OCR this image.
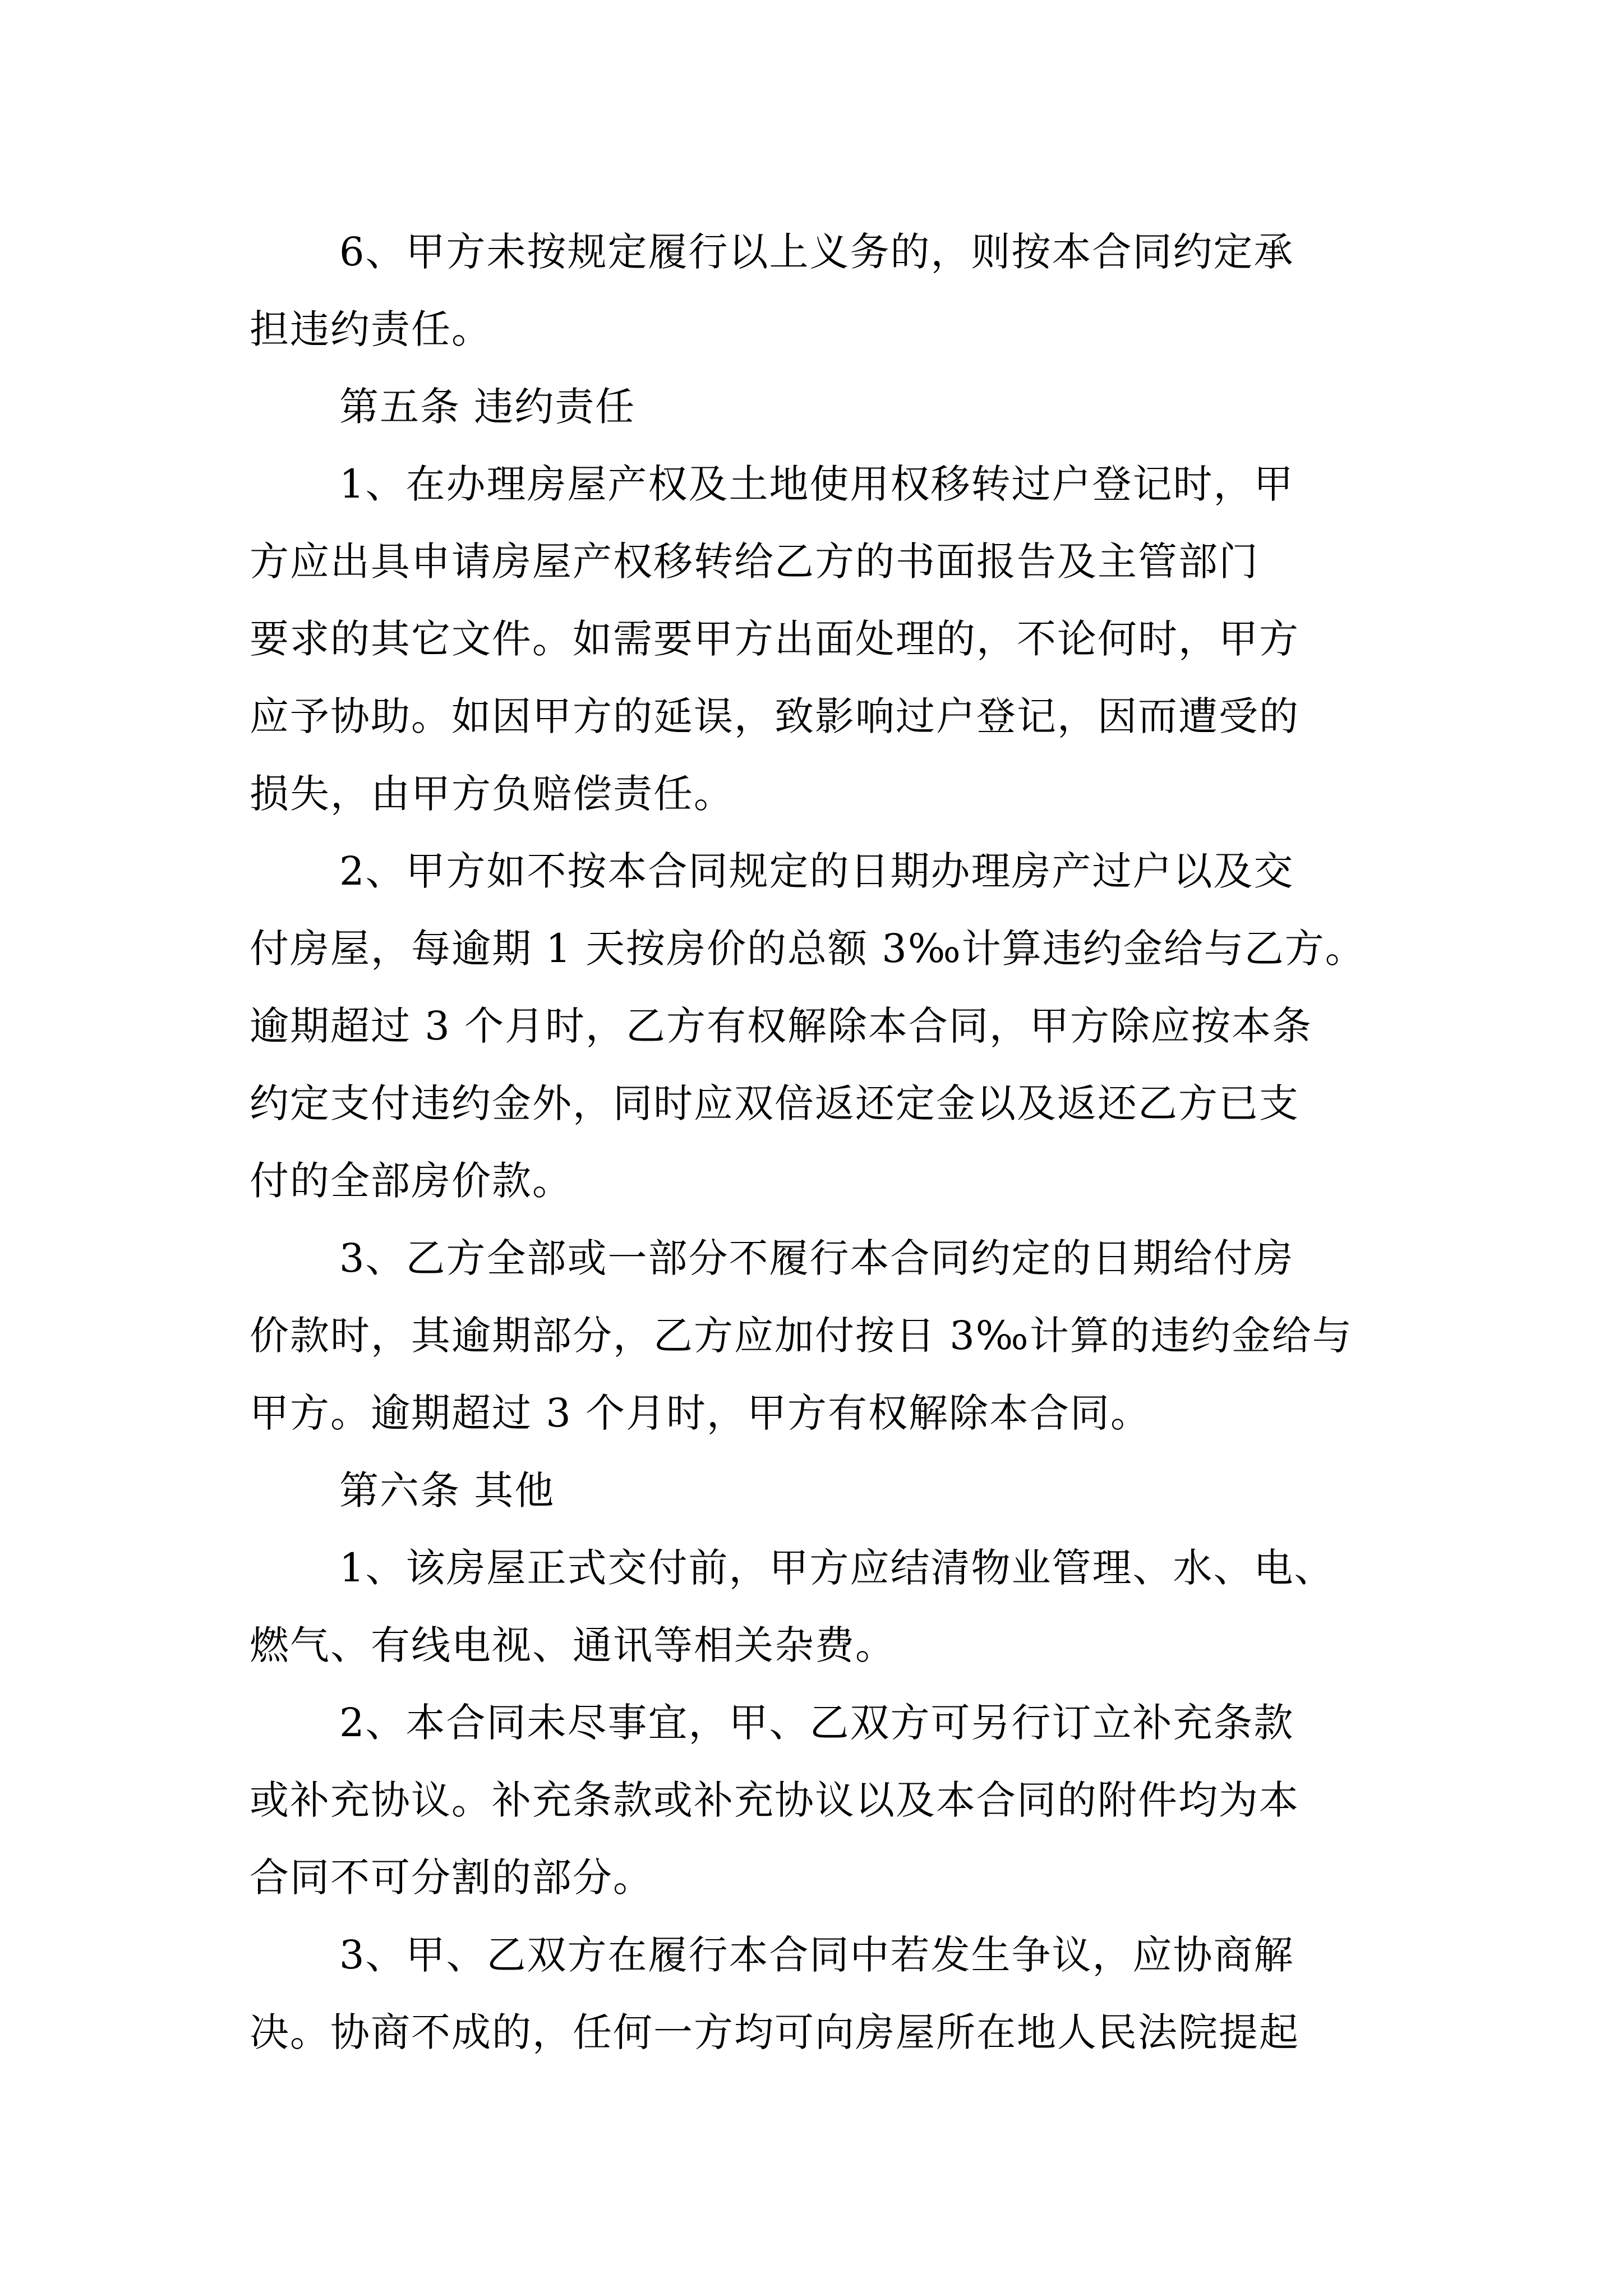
6、甲方未按规定履行以上义务的，则按本合同约定承
担违约责任。
第五条 违约责任
1、在办理房屋产权及土地使用权移转过户登记时，甲
方应出具申请房屋产权移转给乙方的书面报告及主管部门
要求的其它文件。如需要甲方出面处理的，不论何时，甲方
应予协助。如因甲方的延误，致影响过户登记，因而遭受的
损失，由甲方负赔偿责任。
2、甲方如不按本合同规定的日期办理房产过户以及交
付房屋，每逾期 1 天按房价的总额 3‰计算违约金给与乙方。
逾期超过 3 个月时，乙方有权解除本合同，甲方除应按本条
约定支付违约金外，同时应双倍返还定金以及返还乙方已支
付的全部房价款。
3、乙方全部或一部分不履行本合同约定的日期给付房
价款时，其逾期部分，乙方应加付按日 3‰计算的违约金给与
甲方。逾期超过 3 个月时，甲方有权解除本合同。
第六条 其他
1、该房屋正式交付前，甲方应结清物业管理、水、电、
燃气、有线电视、通讯等相关杂费。
2、本合同未尽事宜，甲、乙双方可另行订立补充条款
或补充协议。补充条款或补充协议以及本合同的附件均为本
合同不可分割的部分。
3、甲、乙双方在履行本合同中若发生争议，应协商解
决。协商不成的，任何一方均可向房屋所在地人民法院提起
